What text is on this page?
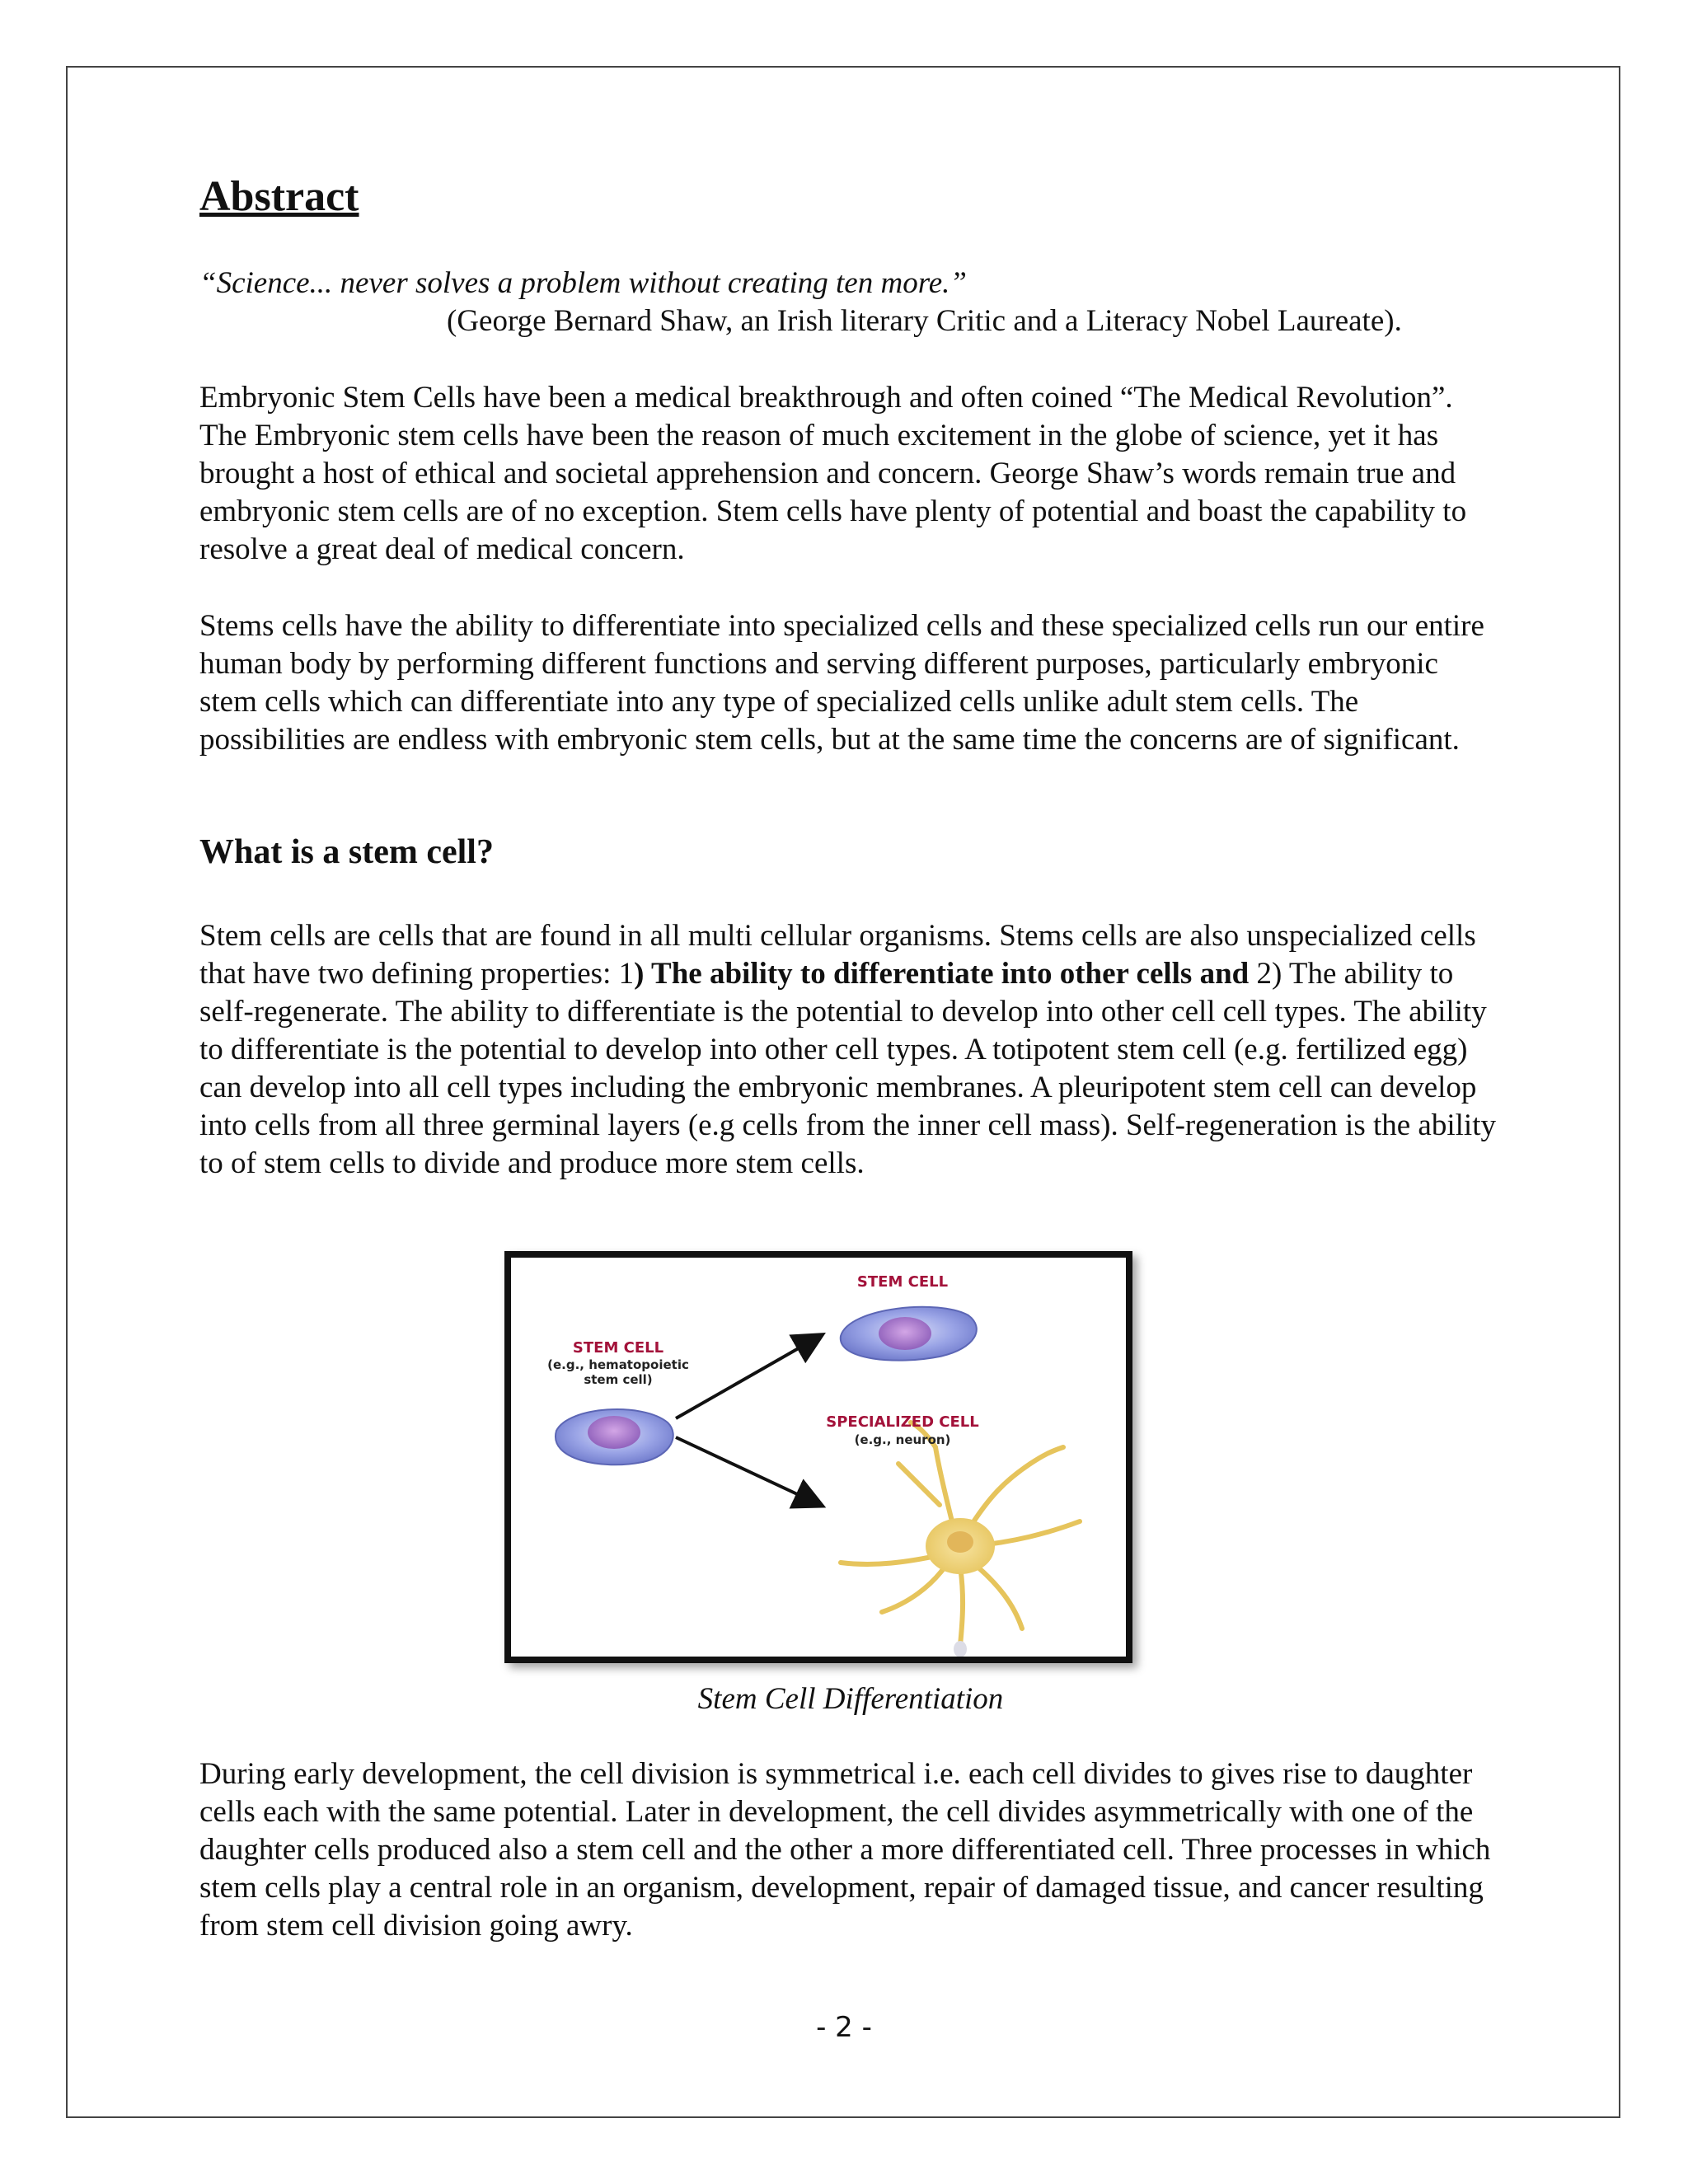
Abstract

“Science... never solves a problem without creating ten more.”

(George Bernard Shaw, an Irish literary Critic and a Literacy Nobel Laureate).

Embryonic Stem Cells have been a medical breakthrough and often coined “The Medical Revolution”. The Embryonic stem cells have been the reason of much excitement in the globe of science, yet it has brought a host of ethical and societal apprehension and concern. George Shaw’s words remain true and embryonic stem cells are of no exception. Stem cells have plenty of potential and boast the capability to resolve a great deal of medical concern.

Stems cells have the ability to differentiate into specialized cells and these specialized cells run our entire human body by performing different functions and serving different purposes, particularly embryonic stem cells which can differentiate into any type of specialized cells unlike adult stem cells. The possibilities are endless with embryonic stem cells, but at the same time the concerns are of significant.

What is a stem cell?

Stem cells are cells that are found in all multi cellular organisms. Stems cells are also unspecialized cells that have two defining properties: 1) The ability to differentiate into other cells and 2) The ability to self-regenerate. The ability to differentiate is the potential to develop into other cell cell types. The ability to differentiate is the potential to develop into other cell types. A totipotent stem cell (e.g. fertilized egg) can develop into all cell types including the embryonic membranes. A pleuripotent stem cell can develop into cells from all three germinal layers (e.g cells from the inner cell mass). Self-regeneration is the ability to of stem cells to divide and produce more stem cells.

STEM CELL
STEM CELL
(e.g., hematopoietic
stem cell)
SPECIALIZED CELL
(e.g., neuron)

Stem Cell Differentiation

During early development, the cell division is symmetrical i.e. each cell divides to gives rise to daughter cells each with the same potential. Later in development, the cell divides asymmetrically with one of the daughter cells produced also a stem cell and the other a more differentiated cell. Three processes in which stem cells play a central role in an organism, development, repair of damaged tissue, and cancer resulting from stem cell division going awry.

- 2 -
